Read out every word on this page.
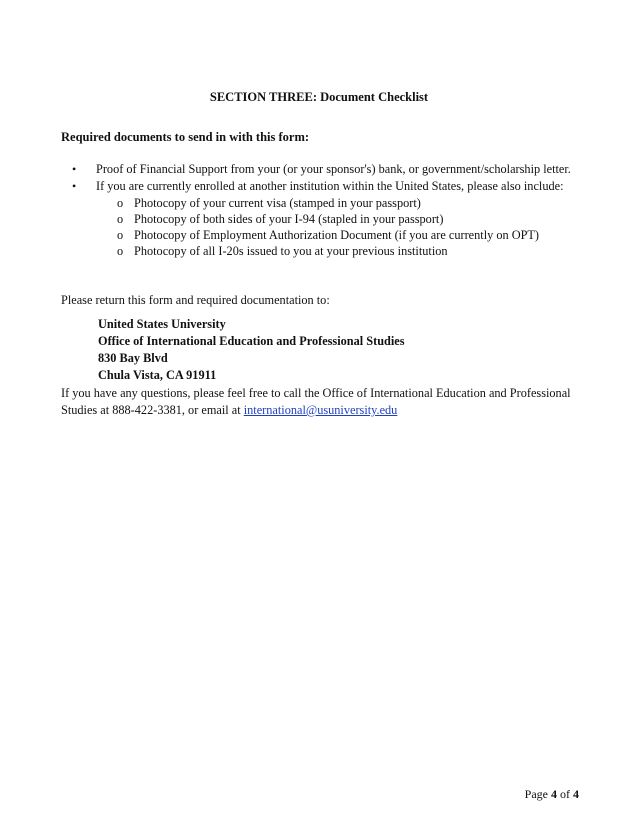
SECTION THREE: Document Checklist
Required documents to send in with this form:
• Proof of Financial Support from your (or your sponsor's) bank, or government/scholarship letter.
• If you are currently enrolled at another institution within the United States, please also include:
o Photocopy of your current visa (stamped in your passport)
o Photocopy of both sides of your I-94 (stapled in your passport)
o Photocopy of Employment Authorization Document (if you are currently on OPT)
o Photocopy of all I-20s issued to you at your previous institution
Please return this form and required documentation to:
United States University
Office of International Education and Professional Studies
830 Bay Blvd
Chula Vista, CA 91911
If you have any questions, please feel free to call the Office of International Education and Professional
Studies at 888-422-3381, or email at international@usuniversity.edu
Page 4 of 4
